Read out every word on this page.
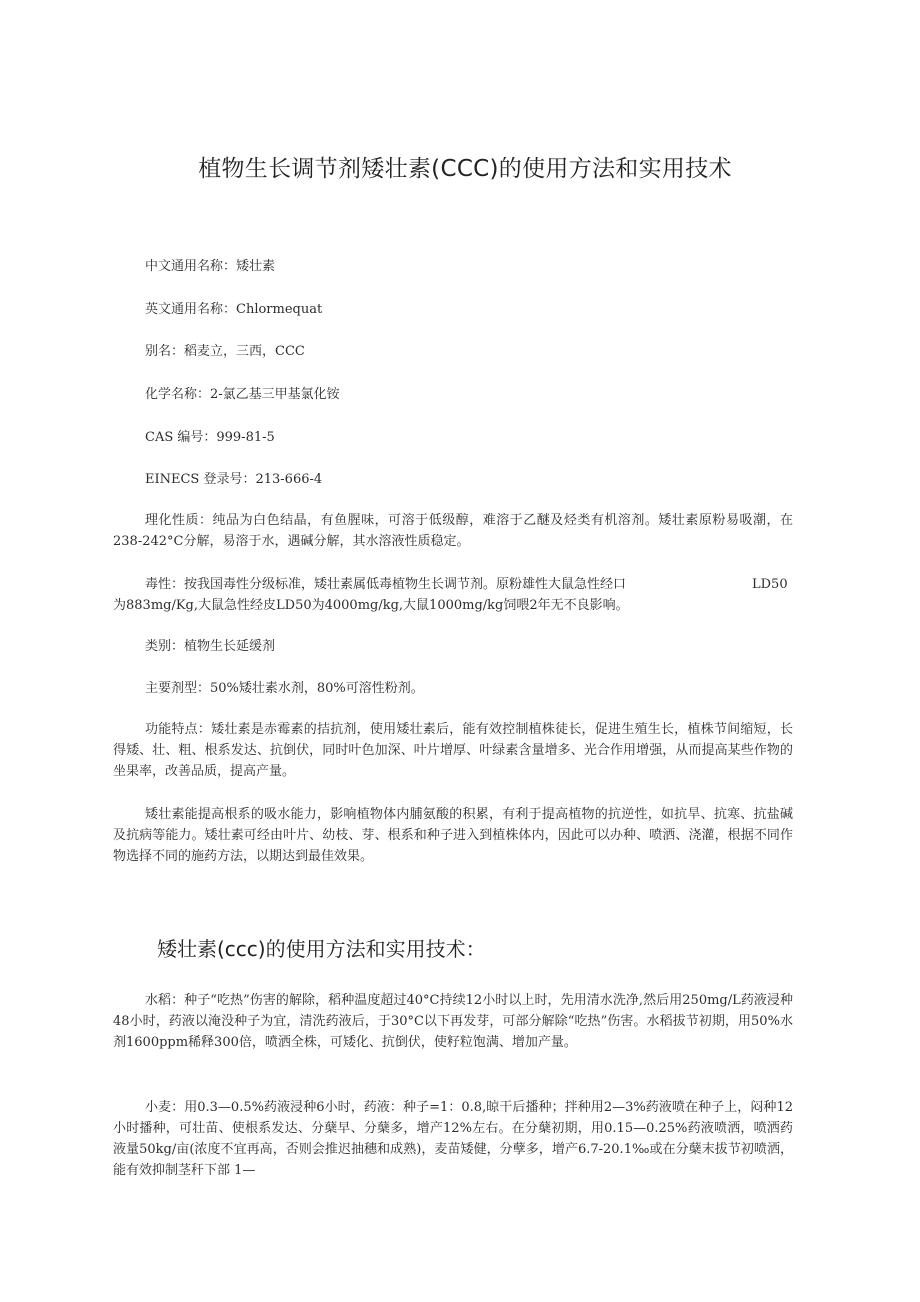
植物生长调节剂矮壮素(CCC)的使用方法和实用技术

中文通用名称：矮壮素

英文通用名称：Chlormequat

别名：稻麦立，三西，CCC

化学名称：2-氯乙基三甲基氯化铵

CAS 编号：999-81-5

EINECS 登录号：213-666-4

理化性质：纯品为白色结晶，有鱼腥味，可溶于低级醇，难溶于乙醚及烃类有机溶剂。矮壮素原粉易吸潮，在238-242°C分解，易溶于水，遇碱分解，其水溶液性质稳定。

毒性：按我国毒性分级标准，矮壮素属低毒植物生长调节剂。原粉雄性大鼠急性经口	LD50

为883mg/Kg,大鼠急性经皮LD50为4000mg/kg,大鼠1000mg/kg饲喂2年无不良影响。

类别：植物生长延缓剂

主要剂型：50%矮壮素水剂，80%可溶性粉剂。

功能特点：矮壮素是赤霉素的拮抗剂，使用矮壮素后，能有效控制植株徒长，促进生殖生长，植株节间缩短，长得矮、壮、粗、根系发达、抗倒伏，同时叶色加深、叶片增厚、叶绿素含量增多、光合作用增强，从而提高某些作物的坐果率，改善品质，提高产量。

矮壮素能提高根系的吸水能力，影响植物体内脯氨酸的积累，有利于提高植物的抗逆性，如抗旱、抗寒、抗盐碱及抗病等能力。矮壮素可经由叶片、幼枝、芽、根系和种子进入到植株体内，因此可以办种、喷洒、浇灌，根据不同作物选择不同的施药方法，以期达到最佳效果。

矮壮素(ccc)的使用方法和实用技术：

水稻：种子“吃热”伤害的解除，稻种温度超过40°C持续12小时以上时，先用清水洗净,然后用250mg/L药液浸种48小时，药液以淹没种子为宜，清洗药液后，于30°C以下再发芽，可部分解除“吃热”伤害。水稻拔节初期，用50%水剂1600ppm稀释300倍，喷洒全株，可矮化、抗倒伏，使籽粒饱满、增加产量。

小麦：用0.3—0.5%药液浸种6小时，药液：种子=1：0.8,晾干后播种；拌种用2—3%药液喷在种子上，闷种12小时播种，可壮苗、使根系发达、分蘖早、分蘖多，增产12%左右。在分蘖初期，用0.15—0.25%药液喷洒，喷洒药液量50kg/亩(浓度不宜再高，否则会推迟抽穗和成熟)，麦苗矮健，分孽多，增产6.7-20.1‰或在分蘖末拔节初喷洒，能有效抑制茎秆下部 1—
